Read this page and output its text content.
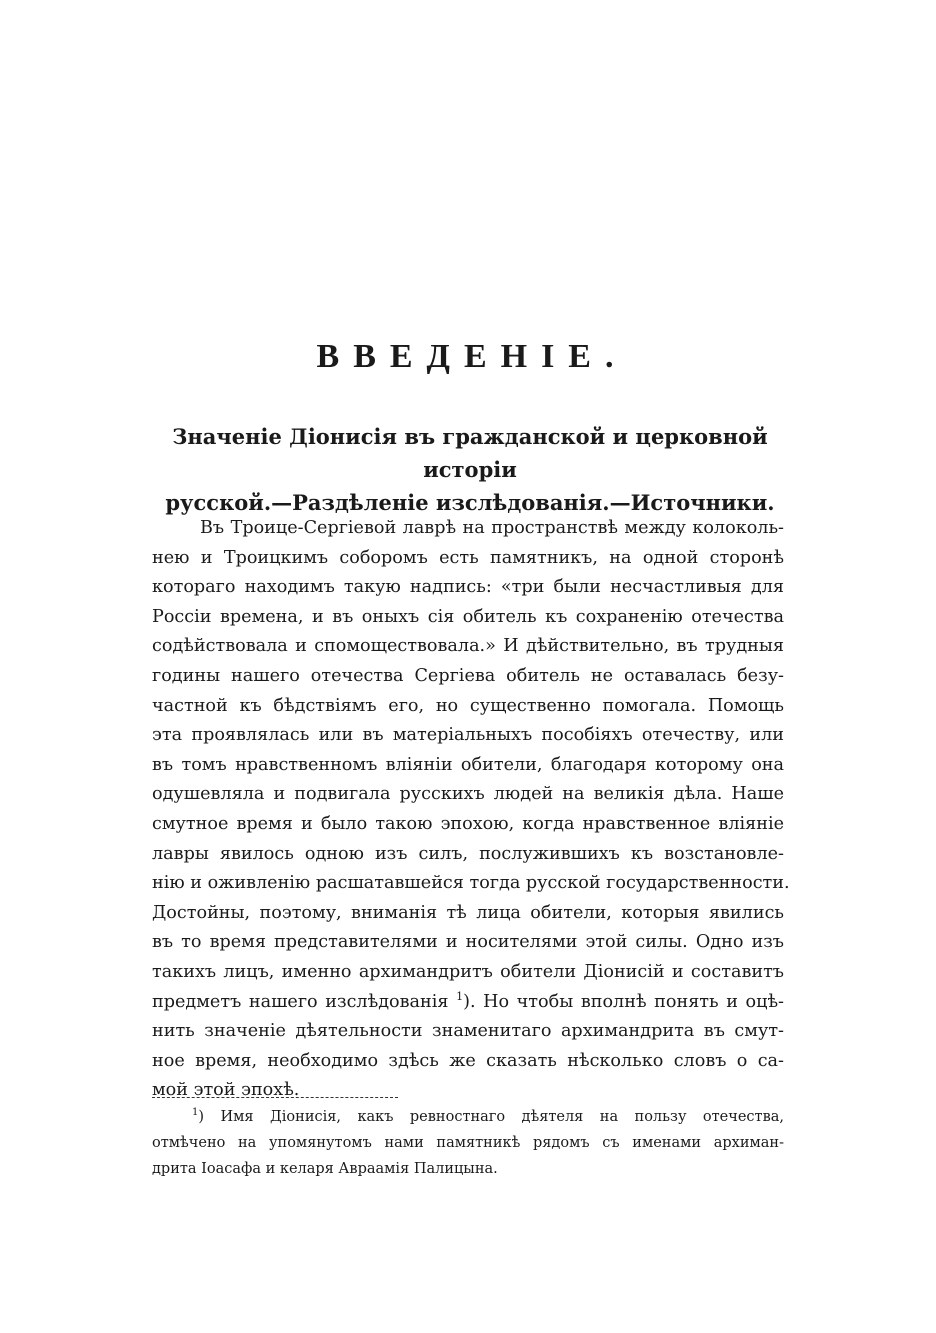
ВВЕДЕНІЕ.
Значеніе Діонисія въ гражданской и церковной исторіи
русской.—Раздѣленіе изслѣдованія.—Источники.
Въ Троице-Сергіевой лаврѣ на пространствѣ между колоколь-
нею и Троицкимъ соборомъ есть памятникъ, на одной сторонѣ
котораго находимъ такую надпись: «три были несчастливыя для
Россіи времена, и въ оныхъ сія обитель къ сохраненію отечества
содѣйствовала и спомоществовала.» И дѣйствительно, въ трудныя
годины нашего отечества Сергіева обитель не оставалась безу-
частной къ бѣдствіямъ его, но существенно помогала. Помощь
эта проявлялась или въ матеріальныхъ пособіяхъ отечеству, или
въ томъ нравственномъ вліяніи обители, благодаря которому она
одушевляла и подвигала русскихъ людей на великія дѣла. Наше
смутное время и было такою эпохою, когда нравственное вліяніе
лавры явилось одною изъ силъ, послужившихъ къ возстановле-
нію и оживленію расшатавшейся тогда русской государственности.
Достойны, поэтому, вниманія тѣ лица обители, которыя явились
въ то время представителями и носителями этой силы. Одно изъ
такихъ лицъ, именно архимандритъ обители Діонисій и составитъ
предметъ нашего изслѣдованія $^1$). Но чтобы вполнѣ понять и оцѣ-
нить значеніе дѣятельности знаменитаго архимандрита въ смут-
ное время, необходимо здѣсь же сказать нѣсколько словъ о са-
мой этой эпохѣ.
$^1$) Имя Діонисія, какъ ревностнаго дѣятеля на пользу отечества,
отмѣчено на упомянутомъ нами памятникѣ рядомъ съ именами архиман-
дрита Іоасафа и келаря Авраамія Палицына.
